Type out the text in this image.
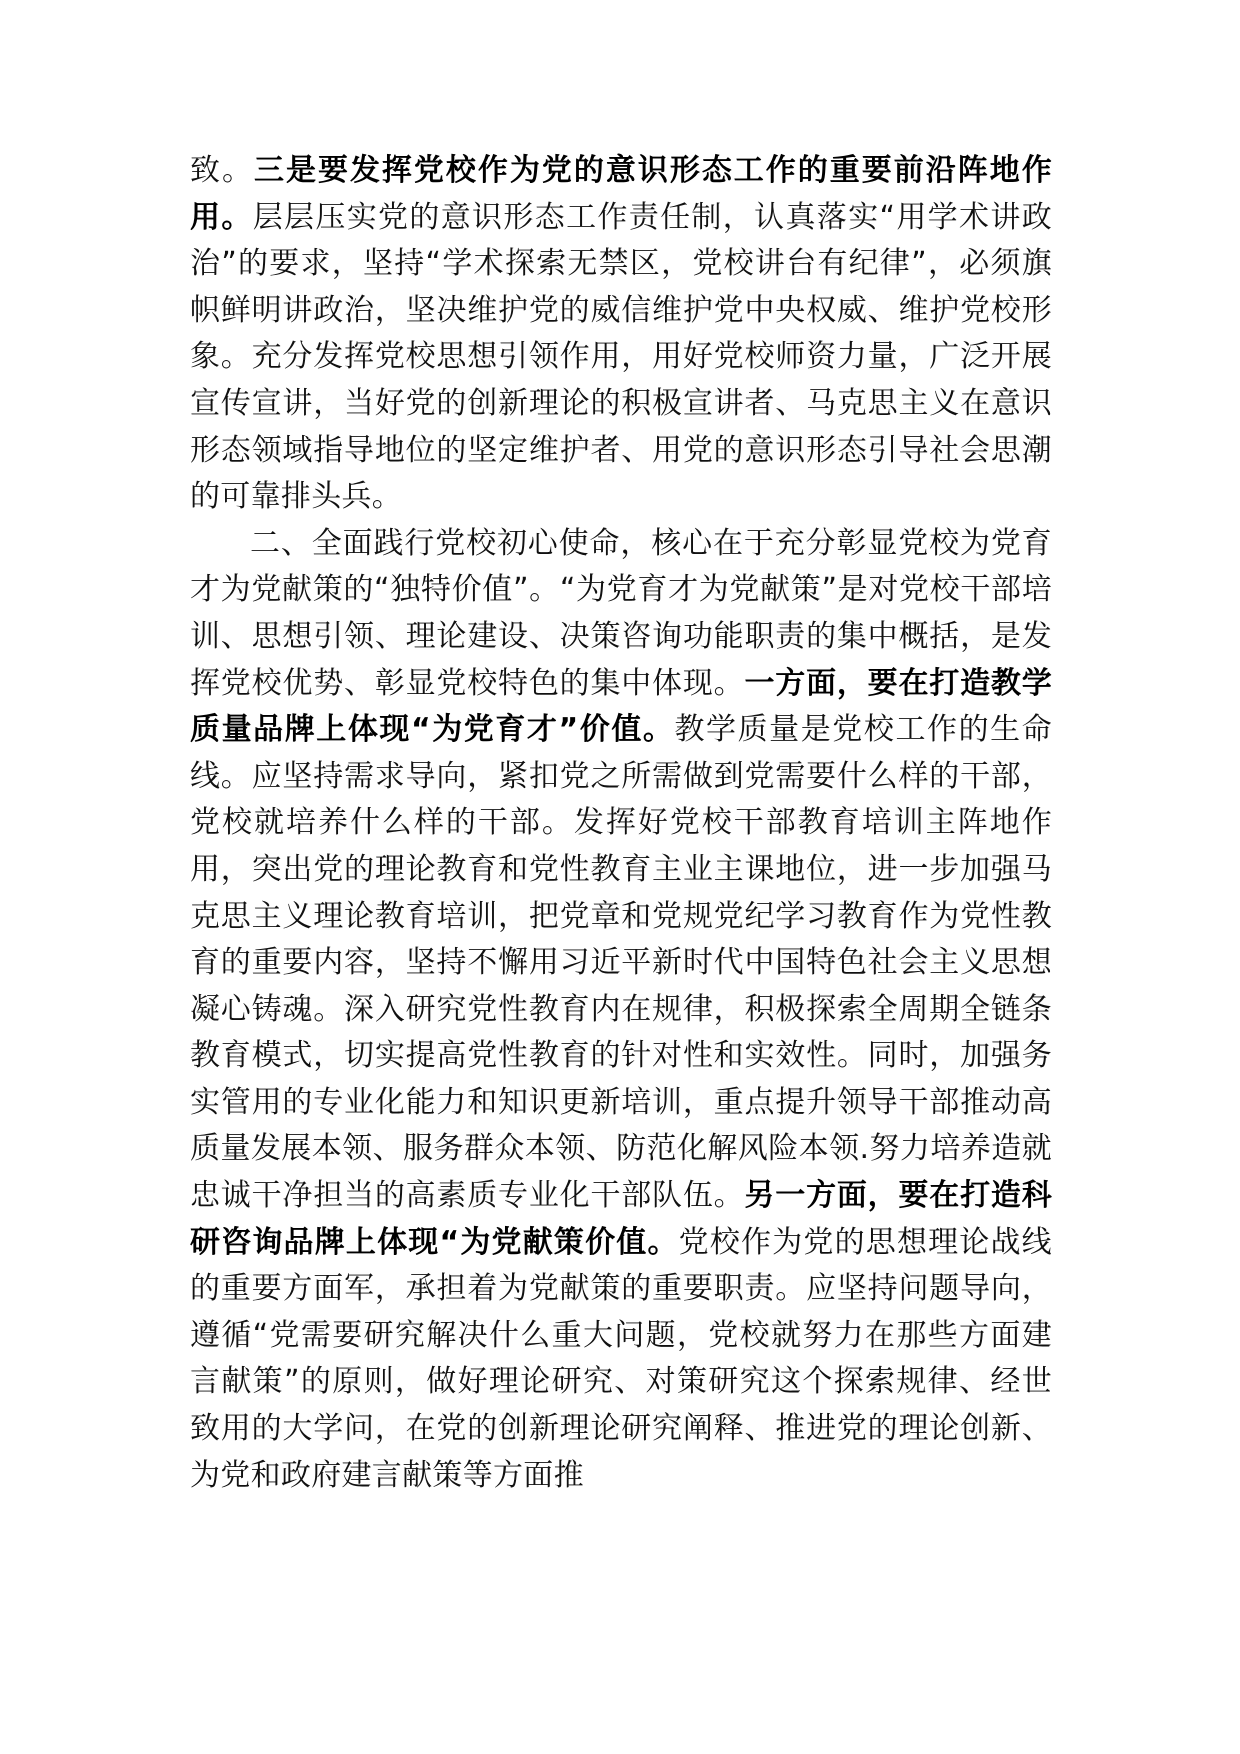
致。三是要发挥党校作为党的意识形态工作的重要前沿阵地作用。层层压实党的意识形态工作责任制，认真落实“用学术讲政治”的要求，坚持“学术探索无禁区，党校讲台有纪律”，必须旗帜鲜明讲政治，坚决维护党的威信维护党中央权威、维护党校形象。充分发挥党校思想引领作用，用好党校师资力量，广泛开展宣传宣讲，当好党的创新理论的积极宣讲者、马克思主义在意识形态领域指导地位的坚定维护者、用党的意识形态引导社会思潮的可靠排头兵。

二、全面践行党校初心使命，核心在于充分彰显党校为党育才为党献策的“独特价值”。“为党育才为党献策”是对党校干部培训、思想引领、理论建设、决策咨询功能职责的集中概括，是发挥党校优势、彰显党校特色的集中体现。一方面，要在打造教学质量品牌上体现“为党育才”价值。教学质量是党校工作的生命线。应坚持需求导向，紧扣党之所需做到党需要什么样的干部，党校就培养什么样的干部。发挥好党校干部教育培训主阵地作用，突出党的理论教育和党性教育主业主课地位，进一步加强马克思主义理论教育培训，把党章和党规党纪学习教育作为党性教育的重要内容，坚持不懈用习近平新时代中国特色社会主义思想凝心铸魂。深入研究党性教育内在规律，积极探索全周期全链条教育模式，切实提高党性教育的针对性和实效性。同时，加强务实管用的专业化能力和知识更新培训，重点提升领导干部推动高质量发展本领、服务群众本领、防范化解风险本领.努力培养造就忠诚干净担当的高素质专业化干部队伍。另一方面，要在打造科研咨询品牌上体现“为党献策价值。党校作为党的思想理论战线的重要方面军，承担着为党献策的重要职责。应坚持问题导向，遵循“党需要研究解决什么重大问题，党校就努力在那些方面建言献策”的原则，做好理论研究、对策研究这个探索规律、经世致用的大学问，在党的创新理论研究阐释、推进党的理论创新、为党和政府建言献策等方面推
